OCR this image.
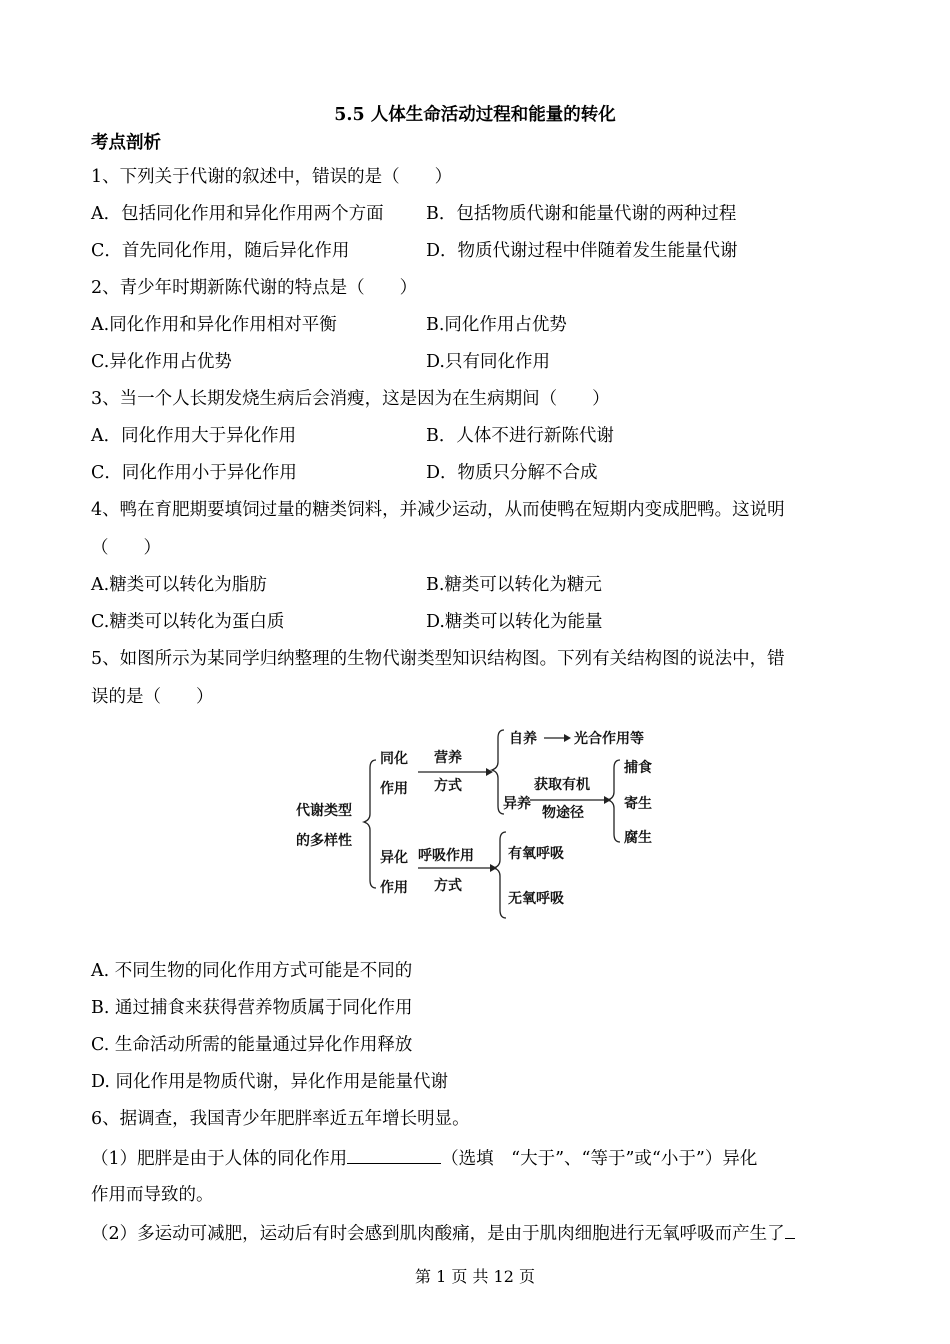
5.5 人体生命活动过程和能量的转化
考点剖析
1、下列关于代谢的叙述中，错误的是（　　）
A．包括同化作用和异化作用两个方面 B．包括物质代谢和能量代谢的两种过程
C．首先同化作用，随后异化作用	D．物质代谢过程中伴随着发生能量代谢
2、青少年时期新陈代谢的特点是（　　）
A.同化作用和异化作用相对平衡	B.同化作用占优势
C.异化作用占优势	D.只有同化作用
3、当一个人长期发烧生病后会消瘦，这是因为在生病期间（　　）
A．同化作用大于异化作用	B．人体不进行新陈代谢
C．同化作用小于异化作用	D．物质只分解不合成
4、鸭在育肥期要填饲过量的糖类饲料，并减少运动，从而使鸭在短期内变成肥鸭。这说明
（　　）
A.糖类可以转化为脂肪	B.糖类可以转化为糖元
C.糖类可以转化为蛋白质	D.糖类可以转化为能量
5、如图所示为某同学归纳整理的生物代谢类型知识结构图。下列有关结构图的说法中，错
误的是（　　）
代谢类型
的多样性
同化
作用
营养
方式
自养	光合作用等
异养
获取有机
物途径
捕食
寄生
腐生
异化
作用
呼吸作用
方式
有氧呼吸
无氧呼吸
A. 不同生物的同化作用方式可能是不同的
B. 通过捕食来获得营养物质属于同化作用
C. 生命活动所需的能量通过异化作用释放
D. 同化作用是物质代谢，异化作用是能量代谢
6、据调查，我国青少年肥胖率近五年增长明显。
（1）肥胖是由于人体的同化作用	（选填　“大于”、“等于”或“小于”）异化
作用而导致的。
（2）多运动可减肥，运动后有时会感到肌肉酸痛，是由于肌肉细胞进行无氧呼吸而产生了
第 1 页 共 12 页
